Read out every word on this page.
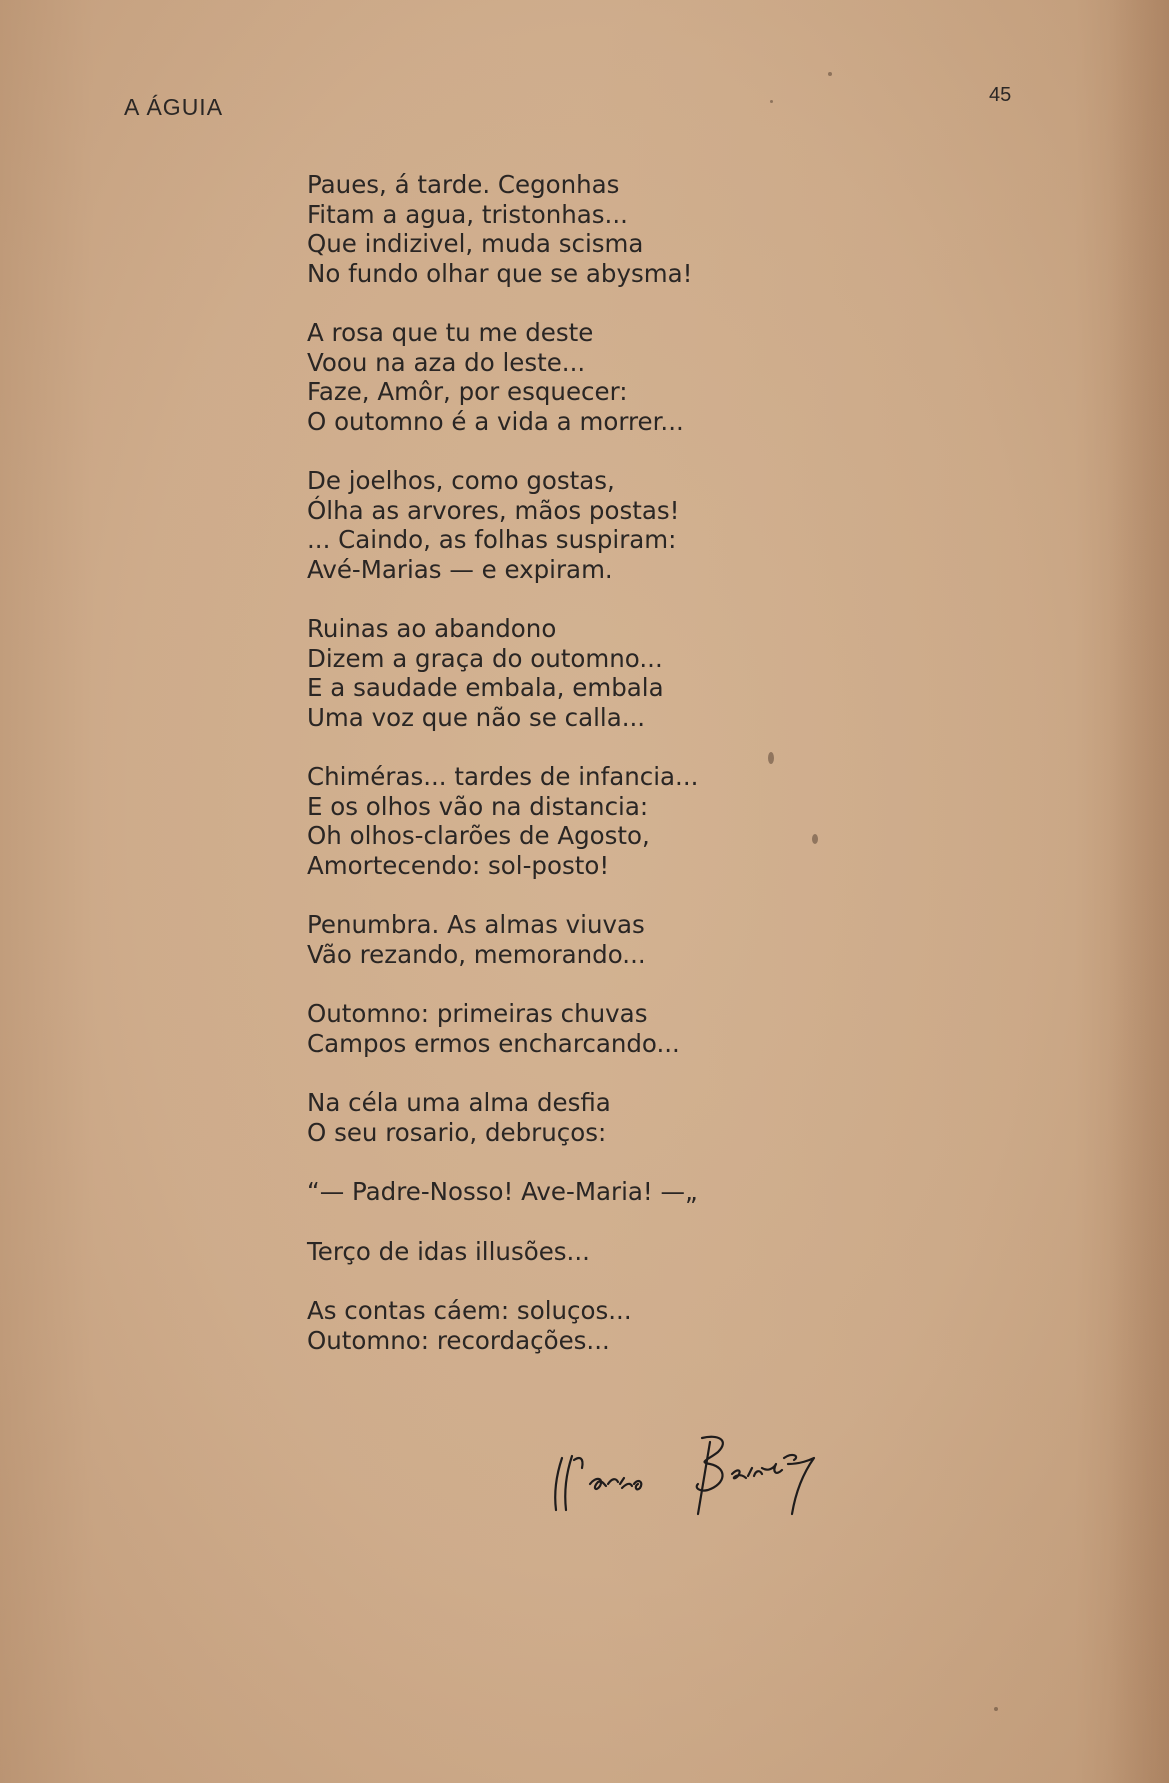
A ÁGUIA	45
Paues, á tarde. Cegonhas
Fitam a agua, tristonhas...
Que indizivel, muda scisma
No fundo olhar que se abysma!
A rosa que tu me deste
Voou na aza do leste...
Faze, Amôr, por esquecer:
O outomno é a vida a morrer...
De joelhos, como gostas,
Ólha as arvores, mãos postas!
... Caindo, as folhas suspiram:
Avé-Marias — e expiram.
Ruinas ao abandono
Dizem a graça do outomno...
E a saudade embala, embala
Uma voz que não se calla...
Chiméras... tardes de infancia...
E os olhos vão na distancia:
Oh olhos-clarões de Agosto,
Amortecendo: sol-posto!
Penumbra. As almas viuvas
Vão rezando, memorando...
Outomno: primeiras chuvas
Campos ermos encharcando...
Na céla uma alma desfia
O seu rosario, debruços:
“— Padre-Nosso! Ave-Maria! —„
Terço de idas illusões...
As contas cáem: soluços...
Outomno: recordações...
